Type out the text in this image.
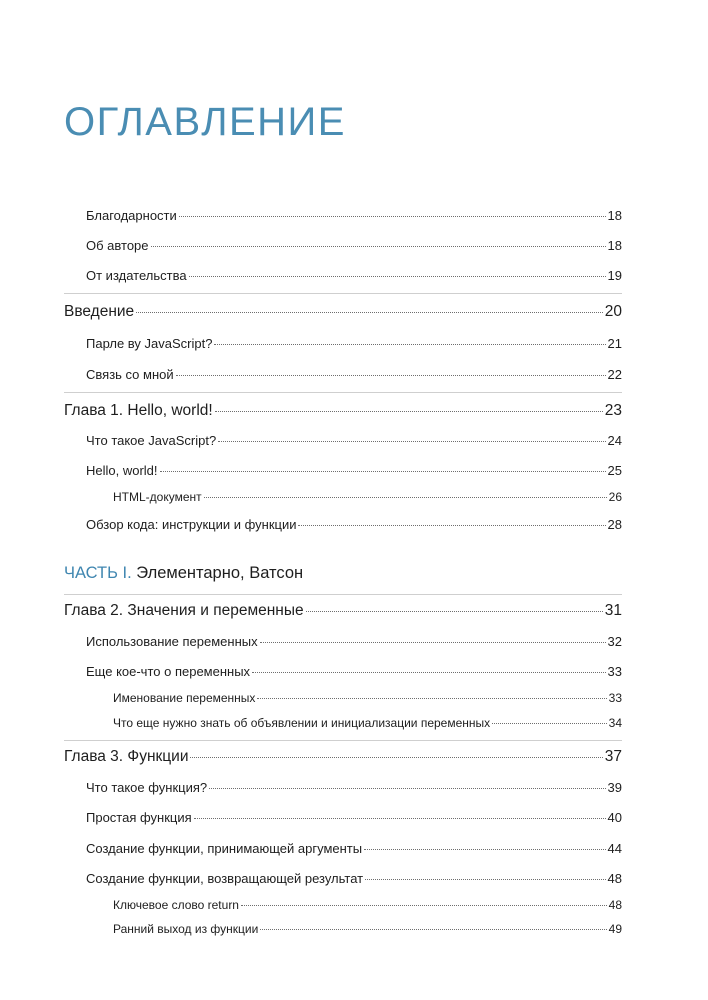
ОГЛАВЛЕНИЕ
Благодарности	18
Об авторе	18
От издательства	19
Введение	20
Парле ву JavaScript?	21
Связь со мной	22
Глава 1. Hello, world!	23
Что такое JavaScript?	24
Hello, world!	25
HTML-документ	26
Обзор кода: инструкции и функции	28
ЧАСТЬ I. Элементарно, Ватсон
Глава 2. Значения и переменные	31
Использование переменных	32
Еще кое-что о переменных	33
Именование переменных	33
Что еще нужно знать об объявлении и инициализации переменных	34
Глава 3. Функции	37
Что такое функция?	39
Простая функция	40
Создание функции, принимающей аргументы	44
Создание функции, возвращающей результат	48
Ключевое слово return	48
Ранний выход из функции	49
